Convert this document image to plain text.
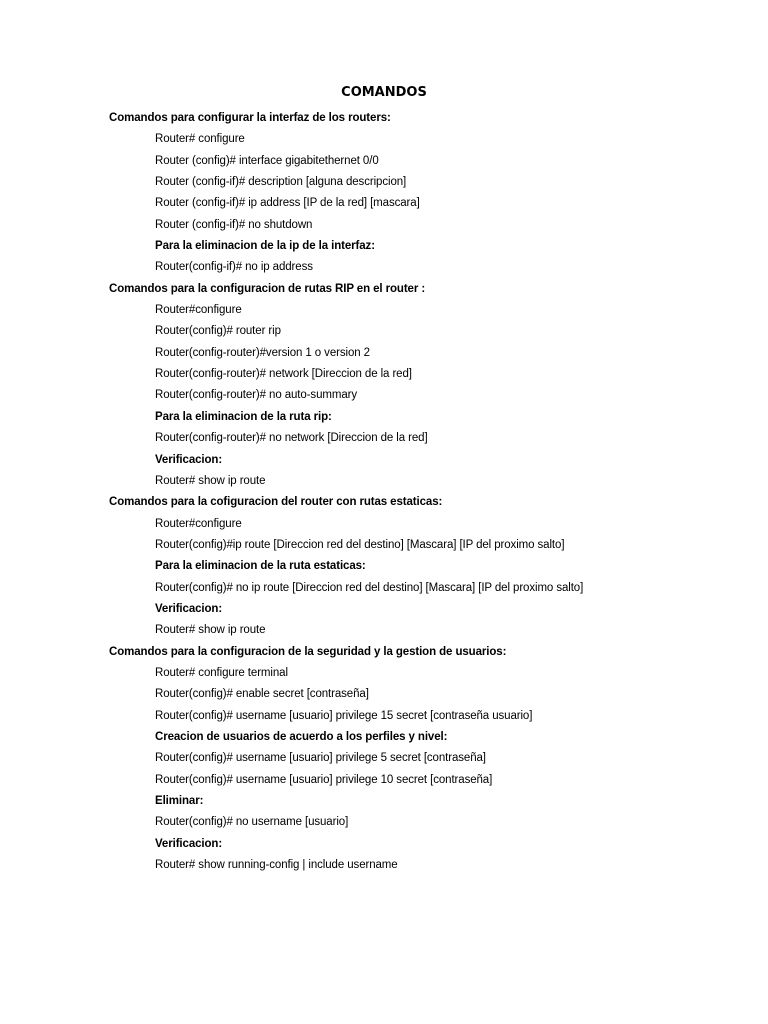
COMANDOS
Comandos para configurar la interfaz de los routers:
Router# configure
Router (config)# interface gigabitethernet 0/0
Router (config-if)# description [alguna descripcion]
Router (config-if)# ip address [IP de la red] [mascara]
Router (config-if)# no shutdown
Para la eliminacion de la ip de la interfaz:
Router(config-if)# no ip address
Comandos para la configuracion de rutas RIP en el router :
Router#configure
Router(config)# router rip
Router(config-router)#version 1 o version 2
Router(config-router)# network [Direccion de la red]
Router(config-router)# no auto-summary
Para la eliminacion de la ruta rip:
Router(config-router)# no network [Direccion de la red]
Verificacion:
Router# show ip route
Comandos para la cofiguracion del router con rutas estaticas:
Router#configure
Router(config)#ip route [Direccion red del destino] [Mascara] [IP del proximo salto]
Para la eliminacion de la ruta estaticas:
Router(config)# no ip route [Direccion red del destino] [Mascara] [IP del proximo salto]
Verificacion:
Router# show ip route
Comandos para la configuracion de la seguridad y la gestion de usuarios:
Router# configure terminal
Router(config)# enable secret [contraseña]
Router(config)# username [usuario] privilege 15 secret [contraseña usuario]
Creacion de usuarios de acuerdo a los perfiles y nivel:
Router(config)# username [usuario] privilege 5 secret [contraseña]
Router(config)# username [usuario] privilege 10 secret [contraseña]
Eliminar:
Router(config)# no username [usuario]
Verificacion:
Router# show running-config | include username
